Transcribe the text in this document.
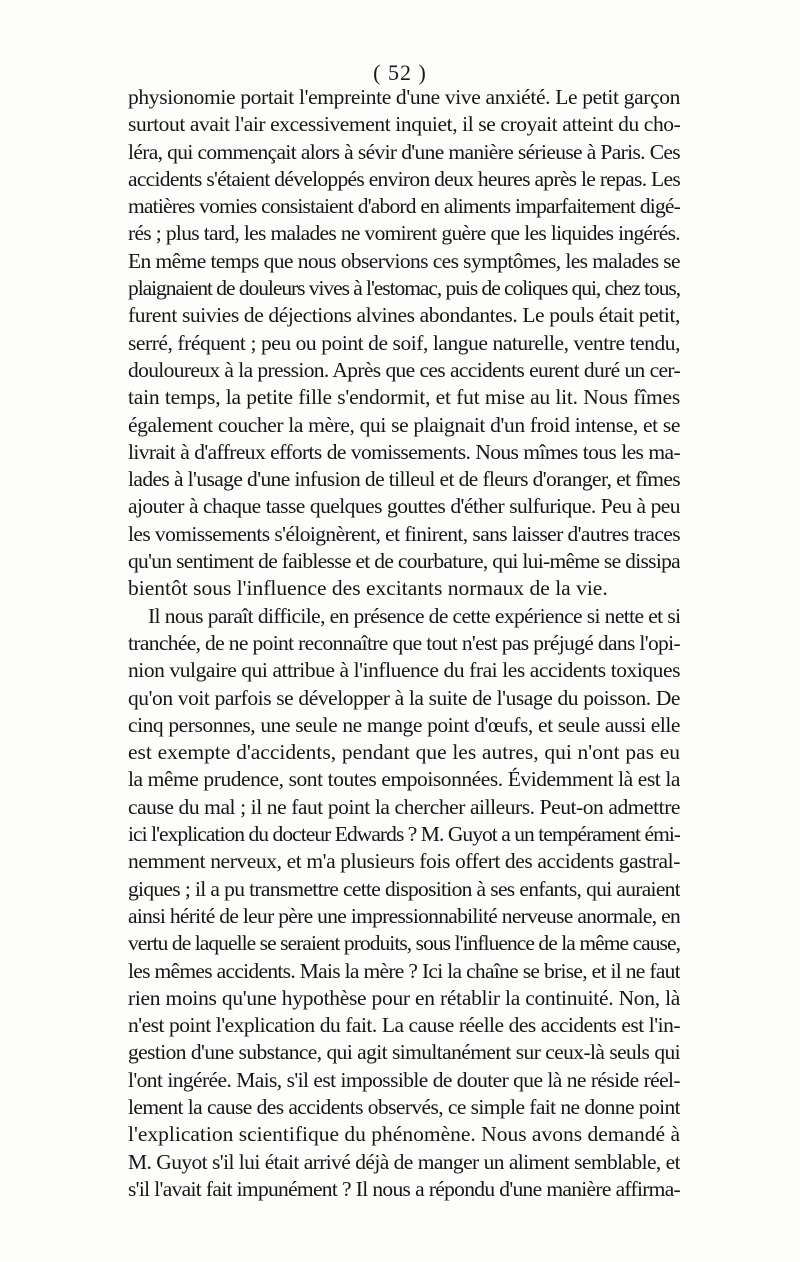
( 52 )
physionomie portait l'empreinte d'une vive anxiété. Le petit garçon
surtout avait l'air excessivement inquiet, il se croyait atteint du cho-
léra, qui commençait alors à sévir d'une manière sérieuse à Paris. Ces
accidents s'étaient développés environ deux heures après le repas. Les
matières vomies consistaient d'abord en aliments imparfaitement digé-
rés ; plus tard, les malades ne vomirent guère que les liquides ingérés.
En même temps que nous observions ces symptômes, les malades se
plaignaient de douleurs vives à l'estomac, puis de coliques qui, chez tous,
furent suivies de déjections alvines abondantes. Le pouls était petit,
serré, fréquent ; peu ou point de soif, langue naturelle, ventre tendu,
douloureux à la pression. Après que ces accidents eurent duré un cer-
tain temps, la petite fille s'endormit, et fut mise au lit. Nous fîmes
également coucher la mère, qui se plaignait d'un froid intense, et se
livrait à d'affreux efforts de vomissements. Nous mîmes tous les ma-
lades à l'usage d'une infusion de tilleul et de fleurs d'oranger, et fîmes
ajouter à chaque tasse quelques gouttes d'éther sulfurique. Peu à peu
les vomissements s'éloignèrent, et finirent, sans laisser d'autres traces
qu'un sentiment de faiblesse et de courbature, qui lui-même se dissipa
bientôt sous l'influence des excitants normaux de la vie.
Il nous paraît difficile, en présence de cette expérience si nette et si
tranchée, de ne point reconnaître que tout n'est pas préjugé dans l'opi-
nion vulgaire qui attribue à l'influence du frai les accidents toxiques
qu'on voit parfois se développer à la suite de l'usage du poisson. De
cinq personnes, une seule ne mange point d'œufs, et seule aussi elle
est exempte d'accidents, pendant que les autres, qui n'ont pas eu
la même prudence, sont toutes empoisonnées. Évidemment là est la
cause du mal ; il ne faut point la chercher ailleurs. Peut-on admettre
ici l'explication du docteur Edwards ? M. Guyot a un tempérament émi-
nemment nerveux, et m'a plusieurs fois offert des accidents gastral-
giques ; il a pu transmettre cette disposition à ses enfants, qui auraient
ainsi hérité de leur père une impressionnabilité nerveuse anormale, en
vertu de laquelle se seraient produits, sous l'influence de la même cause,
les mêmes accidents. Mais la mère ? Ici la chaîne se brise, et il ne faut
rien moins qu'une hypothèse pour en rétablir la continuité. Non, là
n'est point l'explication du fait. La cause réelle des accidents est l'in-
gestion d'une substance, qui agit simultanément sur ceux-là seuls qui
l'ont ingérée. Mais, s'il est impossible de douter que là ne réside réel-
lement la cause des accidents observés, ce simple fait ne donne point
l'explication scientifique du phénomène. Nous avons demandé à
M. Guyot s'il lui était arrivé déjà de manger un aliment semblable, et
s'il l'avait fait impunément ? Il nous a répondu d'une manière affirma-
